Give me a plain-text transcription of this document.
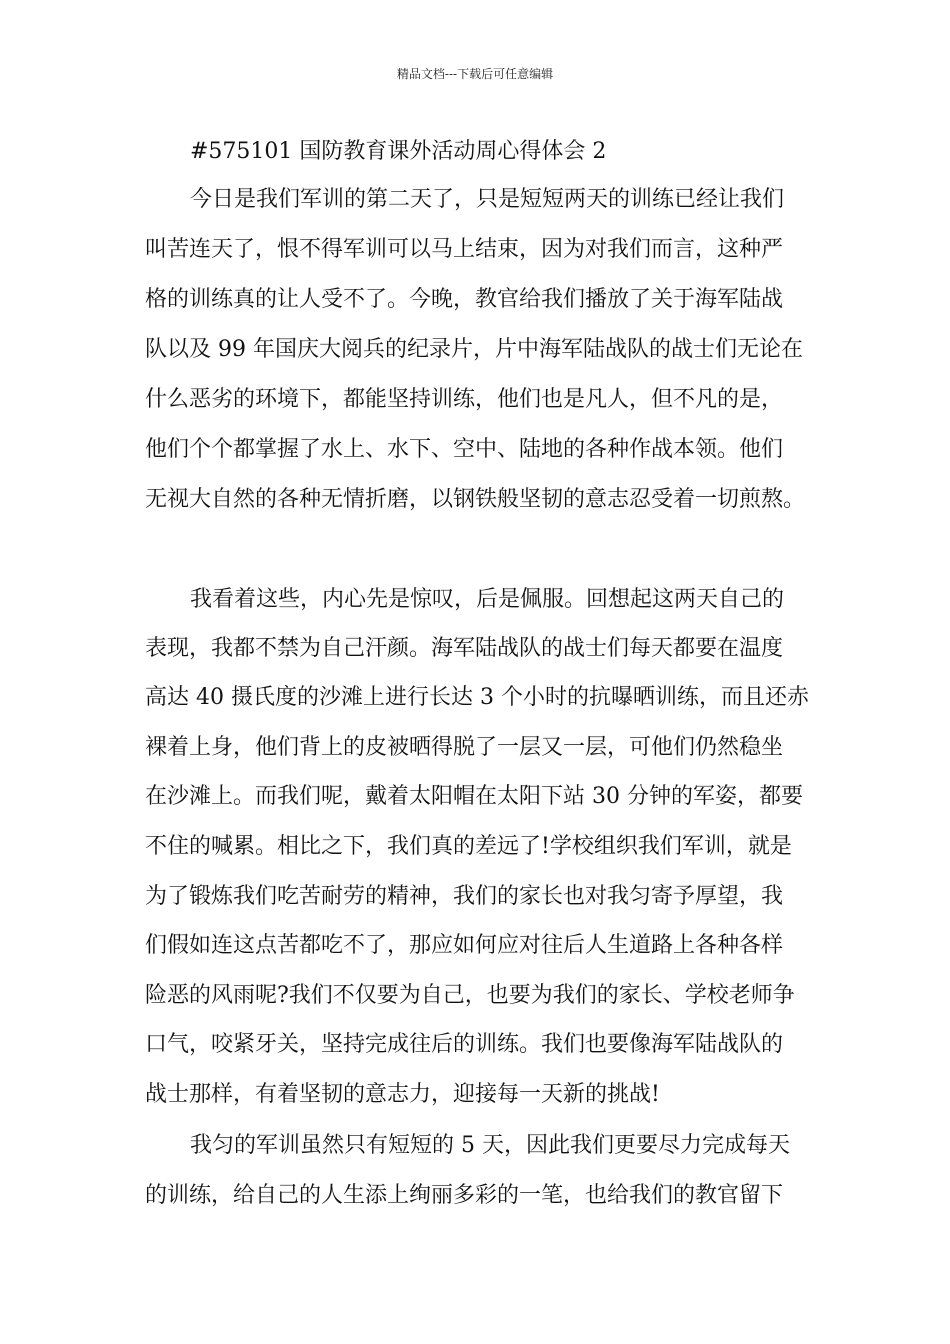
精品文档---下载后可任意编辑
#575101 国防教育课外活动周心得体会 2
今日是我们军训的第二天了，只是短短两天的训练已经让我们
叫苦连天了，恨不得军训可以马上结束，因为对我们而言，这种严
格的训练真的让人受不了。今晚，教官给我们播放了关于海军陆战
队以及 99 年国庆大阅兵的纪录片，片中海军陆战队的战士们无论在
什么恶劣的环境下，都能坚持训练，他们也是凡人，但不凡的是，
他们个个都掌握了水上、水下、空中、陆地的各种作战本领。他们
无视大自然的各种无情折磨，以钢铁般坚韧的意志忍受着一切煎熬。
我看着这些，内心先是惊叹，后是佩服。回想起这两天自己的
表现，我都不禁为自己汗颜。海军陆战队的战士们每天都要在温度
高达 40 摄氏度的沙滩上进行长达 3 个小时的抗曝晒训练，而且还赤
裸着上身，他们背上的皮被晒得脱了一层又一层，可他们仍然稳坐
在沙滩上。而我们呢，戴着太阳帽在太阳下站 30 分钟的军姿，都要
不住的喊累。相比之下，我们真的差远了!学校组织我们军训，就是
为了锻炼我们吃苦耐劳的精神，我们的家长也对我匀寄予厚望，我
们假如连这点苦都吃不了，那应如何应对往后人生道路上各种各样
险恶的风雨呢?我们不仅要为自己，也要为我们的家长、学校老师争
口气，咬紧牙关，坚持完成往后的训练。我们也要像海军陆战队的
战士那样，有着坚韧的意志力，迎接每一天新的挑战!
我匀的军训虽然只有短短的 5 天，因此我们更要尽力完成每天
的训练，给自己的人生添上绚丽多彩的一笔，也给我们的教官留下
